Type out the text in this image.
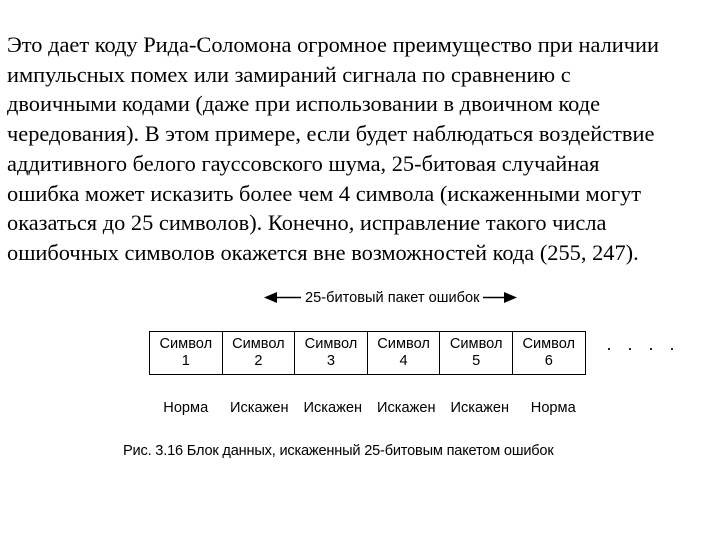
Это дает коду Рида-Соломона огромное преимущество при наличии
импульсных помех или замираний сигнала по сравнению с
двоичными кодами (даже при использовании в двоичном коде
чередования). В этом примере, если будет наблюдаться воздействие
аддитивного белого гауссовского шума, 25-битовая случайная
ошибка может исказить более чем 4 символа (искаженными могут
оказаться до 25 символов). Конечно, исправление такого числа
ошибочных символов окажется вне возможностей кода (255, 247).
25-битовый пакет ошибок
Символ
1

Символ
2

Символ
3

Символ
4

Символ
5

Символ
6
· · · ·
Норма	Искажен	Искажен	Искажен	Искажен	Норма
Рис. 3.16 Блок данных, искаженный 25-битовым пакетом ошибок
